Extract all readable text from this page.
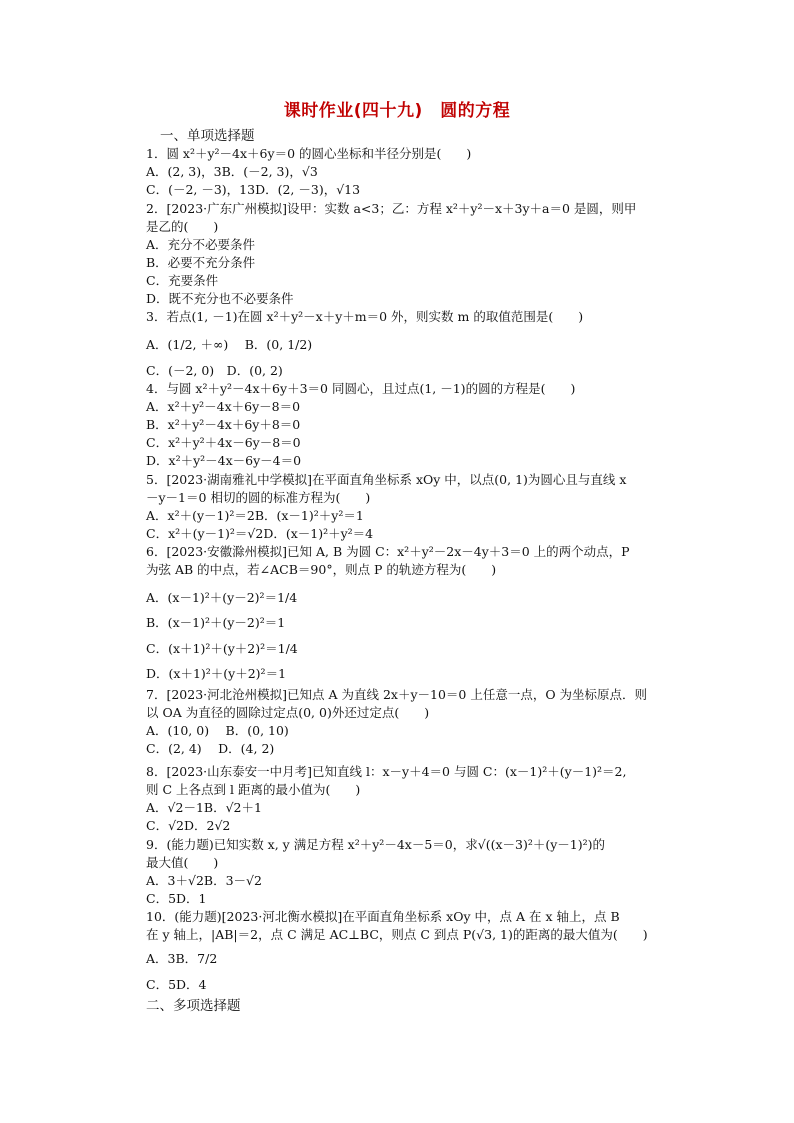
课时作业(四十九)　圆的方程
一、单项选择题
1．圆 x²＋y²－4x＋6y＝0 的圆心坐标和半径分别是(　　)
A．(2, 3)，3B．(－2, 3)，√3
C．(－2, －3)，13D．(2, －3)，√13
2．[2023·广东广州模拟]设甲：实数 a<3；乙：方程 x²＋y²－x＋3y＋a＝0 是圆，则甲
是乙的(　　)
A．充分不必要条件
B．必要不充分条件
C．充要条件
D．既不充分也不必要条件
3．若点(1, －1)在圆 x²＋y²－x＋y＋m＝0 外，则实数 m 的取值范围是(　　)
A．(1/2, ＋∞)　 B．(0, 1/2)
C．(－2, 0)　D．(0, 2)
4．与圆 x²＋y²－4x＋6y＋3＝0 同圆心，且过点(1, －1)的圆的方程是(　　)
A．x²＋y²－4x＋6y－8＝0
B．x²＋y²－4x＋6y＋8＝0
C．x²＋y²＋4x－6y－8＝0
D．x²＋y²－4x－6y－4＝0
5．[2023·湖南雅礼中学模拟]在平面直角坐标系 xOy 中，以点(0, 1)为圆心且与直线 x
－y－1＝0 相切的圆的标准方程为(　　)
A．x²＋(y－1)²＝2B．(x－1)²＋y²＝1
C．x²＋(y－1)²＝√2D．(x－1)²＋y²＝4
6．[2023·安徽滁州模拟]已知 A, B 为圆 C：x²＋y²－2x－4y＋3＝0 上的两个动点，P
为弦 AB 的中点，若∠ACB＝90°，则点 P 的轨迹方程为(　　)
A．(x－1)²＋(y－2)²＝1/4
B．(x－1)²＋(y－2)²＝1
C．(x＋1)²＋(y＋2)²＝1/4
D．(x＋1)²＋(y＋2)²＝1
7．[2023·河北沧州模拟]已知点 A 为直线 2x＋y－10＝0 上任意一点，O 为坐标原点．则
以 OA 为直径的圆除过定点(0, 0)外还过定点(　　)
A．(10, 0)　 B．(0, 10)
C．(2, 4)　 D．(4, 2)
8．[2023·山东泰安一中月考]已知直线 l：x－y＋4＝0 与圆 C：(x－1)²＋(y－1)²＝2,
则 C 上各点到 l 距离的最小值为(　　)
A．√2－1B．√2＋1
C．√2D．2√2
9．(能力题)已知实数 x, y 满足方程 x²＋y²－4x－5＝0，求√((x－3)²＋(y－1)²)的
最大值(　　)
A．3＋√2B．3－√2
C．5D．1
10．(能力题)[2023·河北衡水模拟]在平面直角坐标系 xOy 中，点 A 在 x 轴上，点 B
在 y 轴上，|AB|＝2，点 C 满足 AC⊥BC，则点 C 到点 P(√3, 1)的距离的最大值为(　　)
A．3B．7/2
C．5D．4
二、多项选择题
